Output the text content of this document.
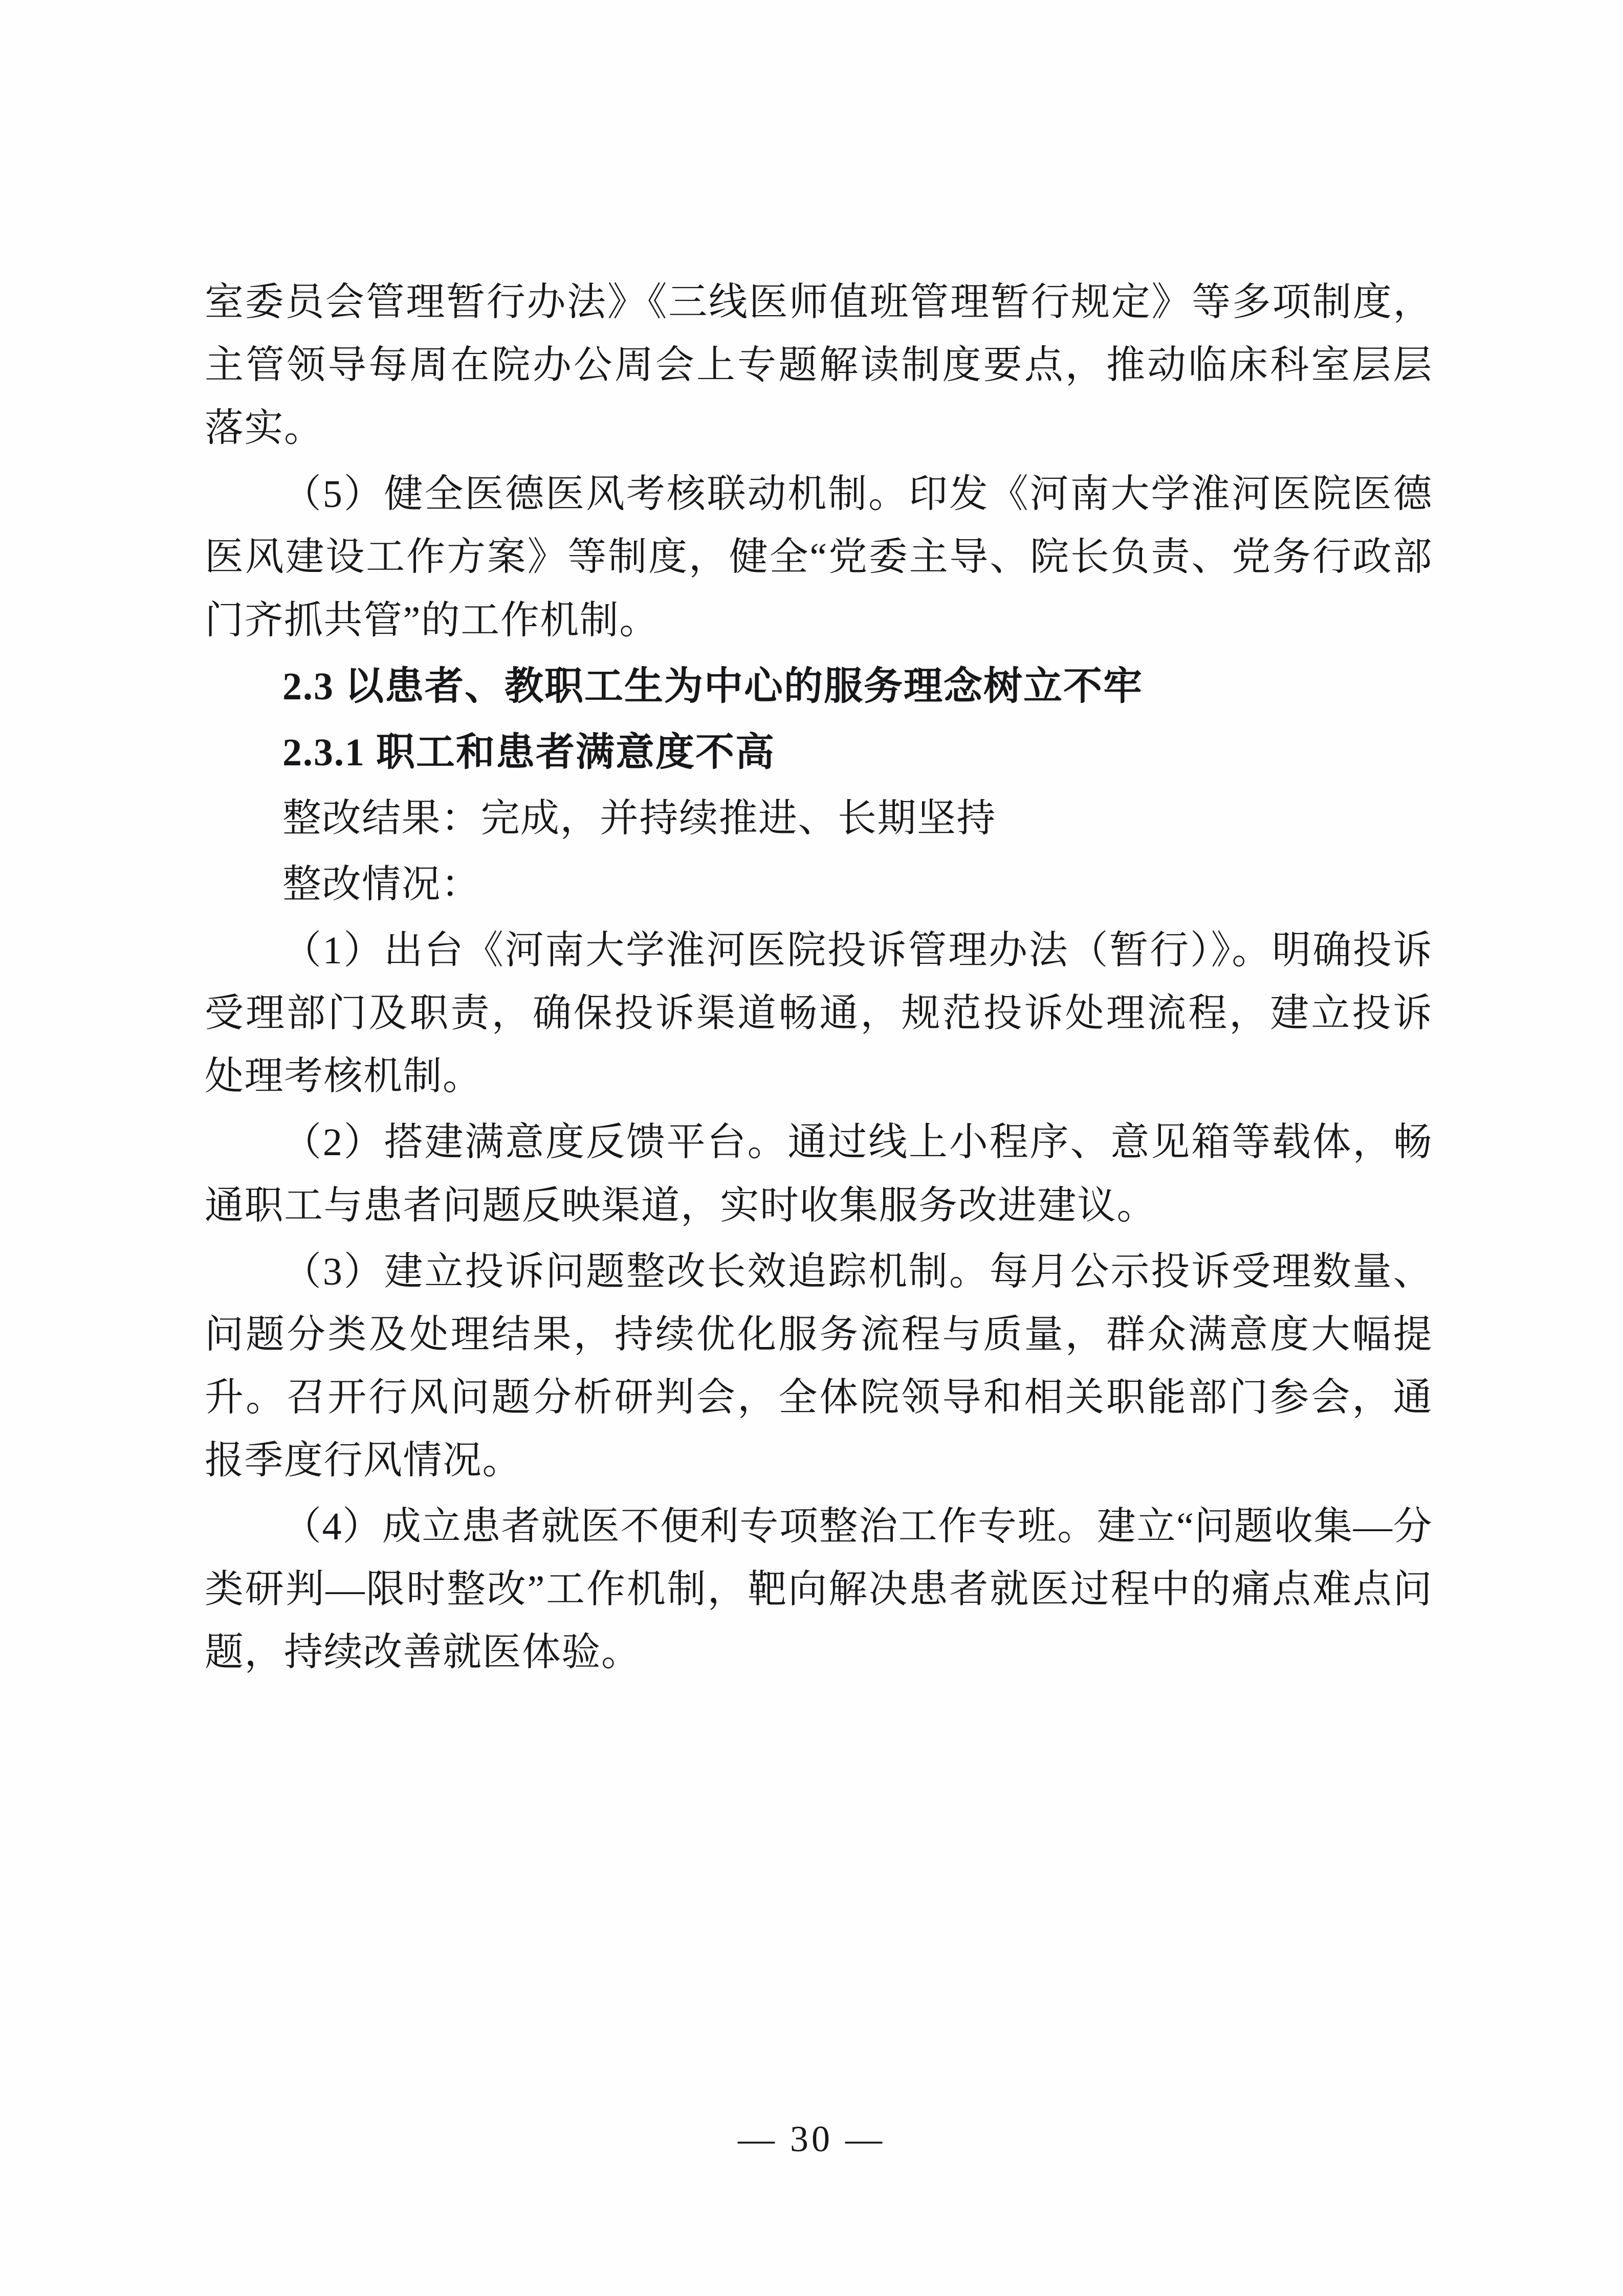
室委员会管理暂行办法》《三线医师值班管理暂行规定》等多项制度，主管领导每周在院办公周会上专题解读制度要点，推动临床科室层层落实。

（5）健全医德医风考核联动机制。印发《河南大学淮河医院医德医风建设工作方案》等制度，健全“党委主导、院长负责、党务行政部门齐抓共管”的工作机制。

2.3 以患者、教职工生为中心的服务理念树立不牢

2.3.1 职工和患者满意度不高

整改结果：完成，并持续推进、长期坚持

整改情况：

（1）出台《河南大学淮河医院投诉管理办法（暂行）》。明确投诉受理部门及职责，确保投诉渠道畅通，规范投诉处理流程，建立投诉处理考核机制。

（2）搭建满意度反馈平台。通过线上小程序、意见箱等载体，畅通职工与患者问题反映渠道，实时收集服务改进建议。

（3）建立投诉问题整改长效追踪机制。每月公示投诉受理数量、问题分类及处理结果，持续优化服务流程与质量，群众满意度大幅提升。召开行风问题分析研判会，全体院领导和相关职能部门参会，通报季度行风情况。

（4）成立患者就医不便利专项整治工作专班。建立“问题收集—分类研判—限时整改”工作机制，靶向解决患者就医过程中的痛点难点问题，持续改善就医体验。

— 30 —
